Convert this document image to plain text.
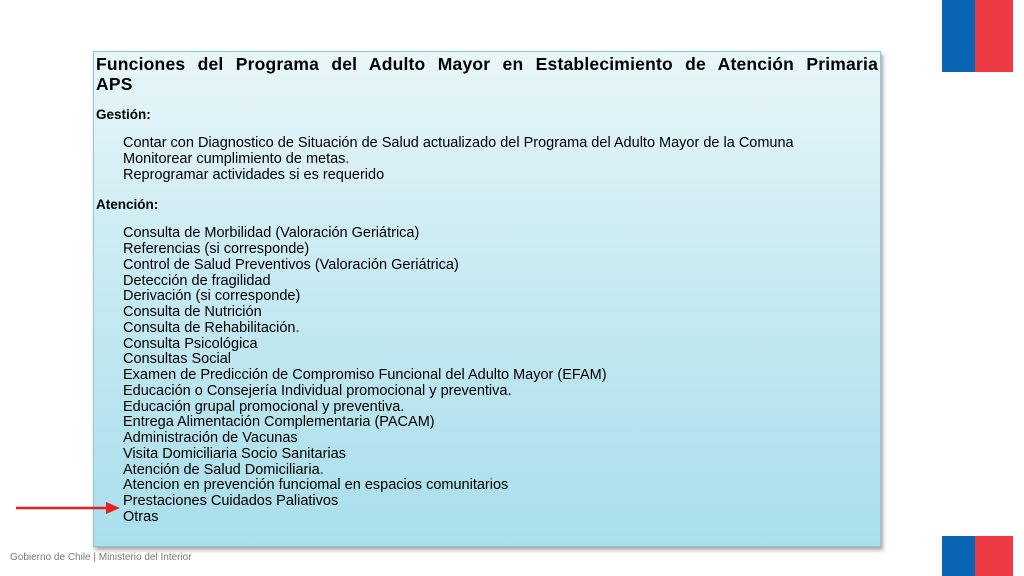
Funciones del Programa del Adulto Mayor en Establecimiento de Atención Primaria APS

Gestión:

Contar con Diagnostico de Situación de Salud actualizado del Programa del Adulto Mayor de la Comuna
Monitorear cumplimiento de metas.
Reprogramar actividades si es requerido

Atención:

Consulta de Morbilidad (Valoración Geriátrica)
Referencias (si corresponde)
Control de Salud Preventivos (Valoración Geriátrica)
Detección de fragilidad
Derivación (si corresponde)
Consulta de Nutrición
Consulta de Rehabilitación.
Consulta Psicológica
Consultas Social
Examen de Predicción de Compromiso Funcional del Adulto Mayor (EFAM)
Educación o Consejería Individual promocional y preventiva.
Educación grupal promocional y preventiva.
Entrega Alimentación Complementaria (PACAM)
Administración de Vacunas
Visita Domiciliaria Socio Sanitarias
Atención de Salud Domiciliaria.
Atencion en prevención funciomal en espacios comunitarios
Prestaciones Cuidados Paliativos
Otras
Gobierno de Chile | Ministerio del Interior
